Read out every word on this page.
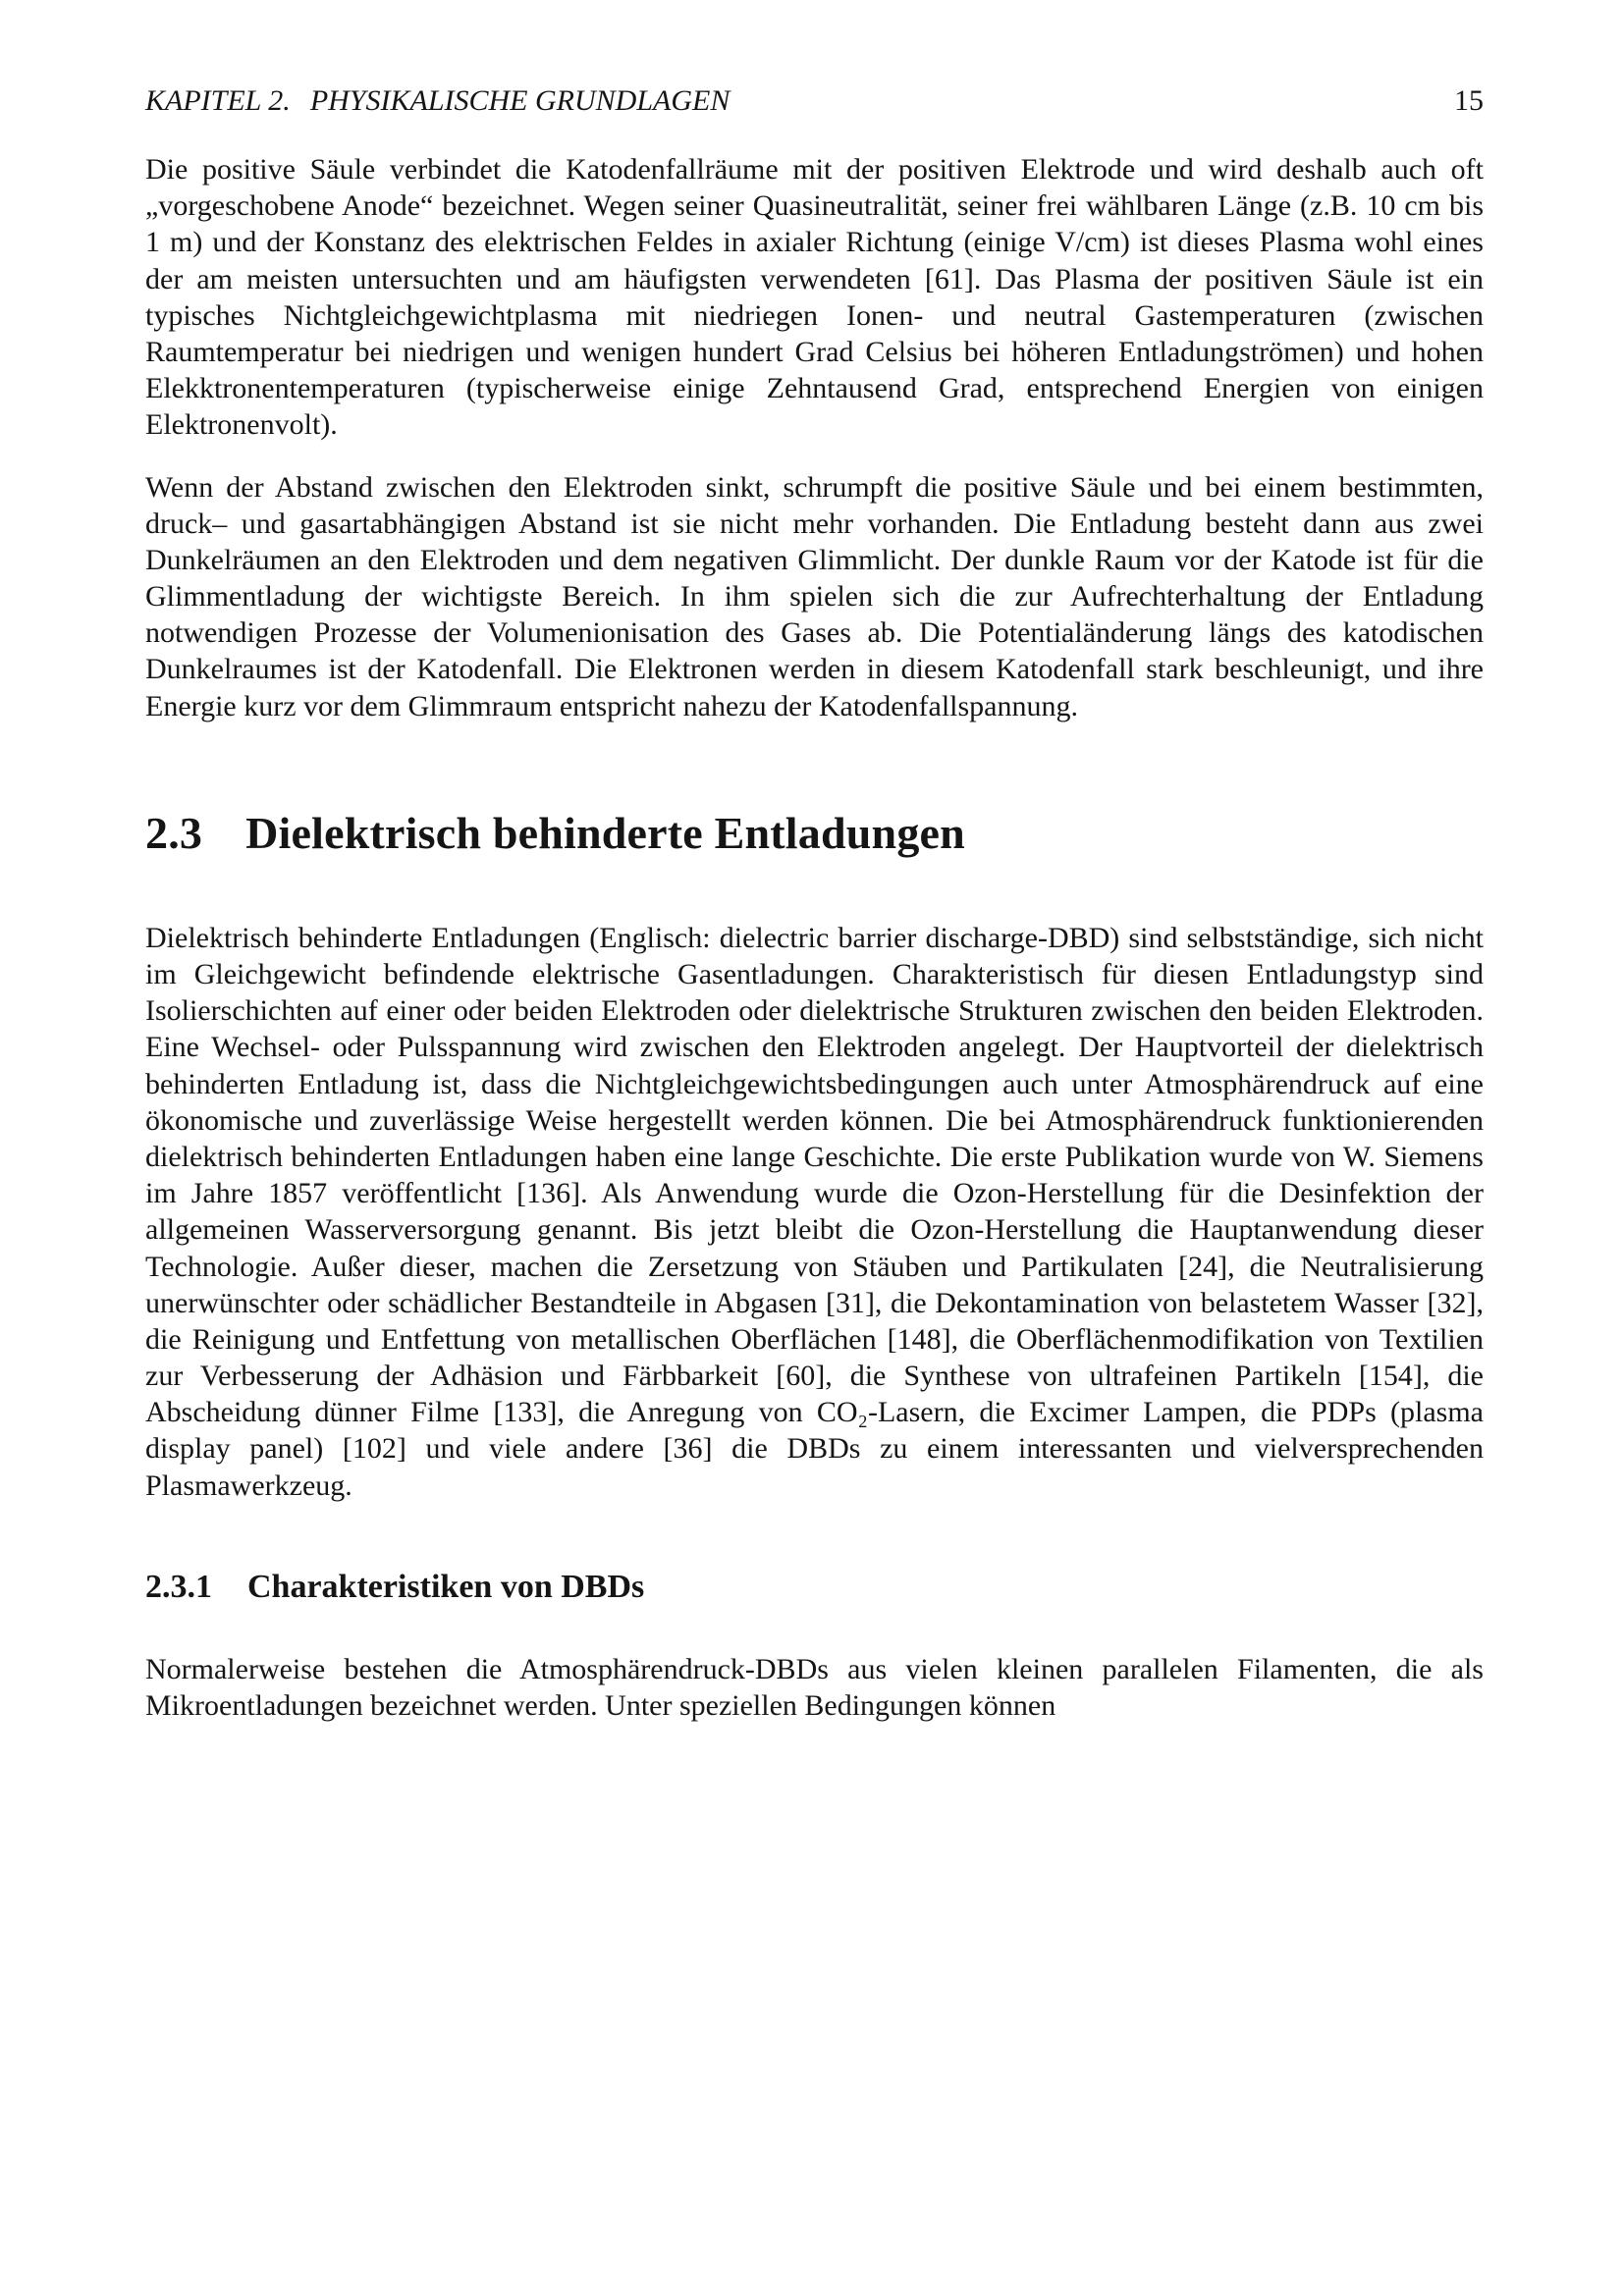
KAPITEL 2. PHYSIKALISCHE GRUNDLAGEN	15

Die positive Säule verbindet die Katodenfallräume mit der positiven Elektrode und wird deshalb auch oft „vorgeschobene Anode“ bezeichnet. Wegen seiner Quasineutralität, seiner frei wählbaren Länge (z.B. 10 cm bis 1 m) und der Konstanz des elektrischen Feldes in axialer Richtung (einige V/cm) ist dieses Plasma wohl eines der am meisten untersuchten und am häufigsten verwendeten [61]. Das Plasma der positiven Säule ist ein typisches Nichtgleichgewichtplasma mit niedriegen Ionen- und neutral Gastemperaturen (zwischen Raumtemperatur bei niedrigen und wenigen hundert Grad Celsius bei höheren Entladungströmen) und hohen Elekktronentemperaturen (typischerweise einige Zehntausend Grad, entsprechend Energien von einigen Elektronenvolt).

Wenn der Abstand zwischen den Elektroden sinkt, schrumpft die positive Säule und bei einem bestimmten, druck– und gasartabhängigen Abstand ist sie nicht mehr vorhanden. Die Entladung besteht dann aus zwei Dunkelräumen an den Elektroden und dem negativen Glimmlicht. Der dunkle Raum vor der Katode ist für die Glimmentladung der wichtigste Bereich. In ihm spielen sich die zur Aufrechterhaltung der Entladung notwendigen Prozesse der Volumenionisation des Gases ab. Die Potentialänderung längs des katodischen Dunkelraumes ist der Katodenfall. Die Elektronen werden in diesem Katodenfall stark beschleunigt, und ihre Energie kurz vor dem Glimmraum entspricht nahezu der Katodenfallspannung.

2.3 Dielektrisch behinderte Entladungen

Dielektrisch behinderte Entladungen (Englisch: dielectric barrier discharge-DBD) sind selbstständige, sich nicht im Gleichgewicht befindende elektrische Gasentladungen. Charakteristisch für diesen Entladungstyp sind Isolierschichten auf einer oder beiden Elektroden oder dielektrische Strukturen zwischen den beiden Elektroden. Eine Wechsel- oder Pulsspannung wird zwischen den Elektroden angelegt. Der Hauptvorteil der dielektrisch behinderten Entladung ist, dass die Nichtgleichgewichtsbedingungen auch unter Atmosphärendruck auf eine ökonomische und zuverlässige Weise hergestellt werden können. Die bei Atmosphärendruck funktionierenden dielektrisch behinderten Entladungen haben eine lange Geschichte. Die erste Publikation wurde von W. Siemens im Jahre 1857 veröffentlicht [136]. Als Anwendung wurde die Ozon-Herstellung für die Desinfektion der allgemeinen Wasserversorgung genannt. Bis jetzt bleibt die Ozon-Herstellung die Hauptanwendung dieser Technologie. Außer dieser, machen die Zersetzung von Stäuben und Partikulaten [24], die Neutralisierung unerwünschter oder schädlicher Bestandteile in Abgasen [31], die Dekontamination von belastetem Wasser [32], die Reinigung und Entfettung von metallischen Oberflächen [148], die Oberflächenmodifikation von Textilien zur Verbesserung der Adhäsion und Färbbarkeit [60], die Synthese von ultrafeinen Partikeln [154], die Abscheidung dünner Filme [133], die Anregung von CO₂-Lasern, die Excimer Lampen, die PDPs (plasma display panel) [102] und viele andere [36] die DBDs zu einem interessanten und vielversprechenden Plasmawerkzeug.

2.3.1 Charakteristiken von DBDs

Normalerweise bestehen die Atmosphärendruck-DBDs aus vielen kleinen parallelen Filamenten, die als Mikroentladungen bezeichnet werden. Unter speziellen Bedingungen können
